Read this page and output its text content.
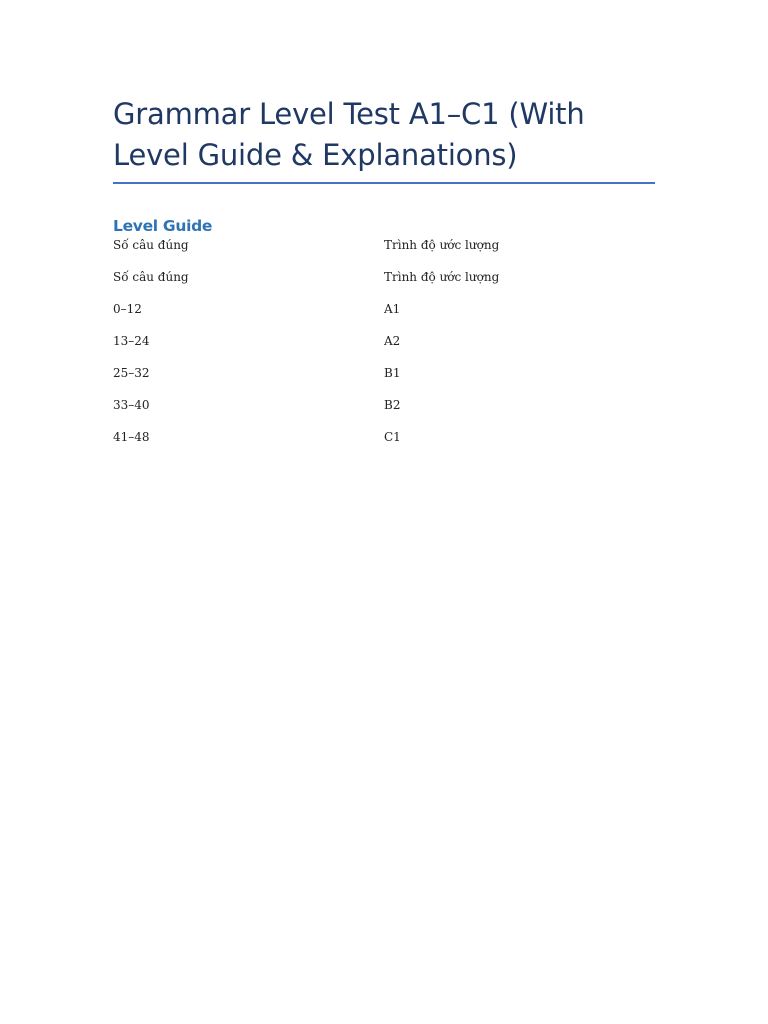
Grammar Level Test A1–C1 (With Level Guide & Explanations)
Level Guide
Số câu đúng	Trình độ ước lượng
Số câu đúng	Trình độ ước lượng
0–12	A1
13–24	A2
25–32	B1
33–40	B2
41–48	C1
